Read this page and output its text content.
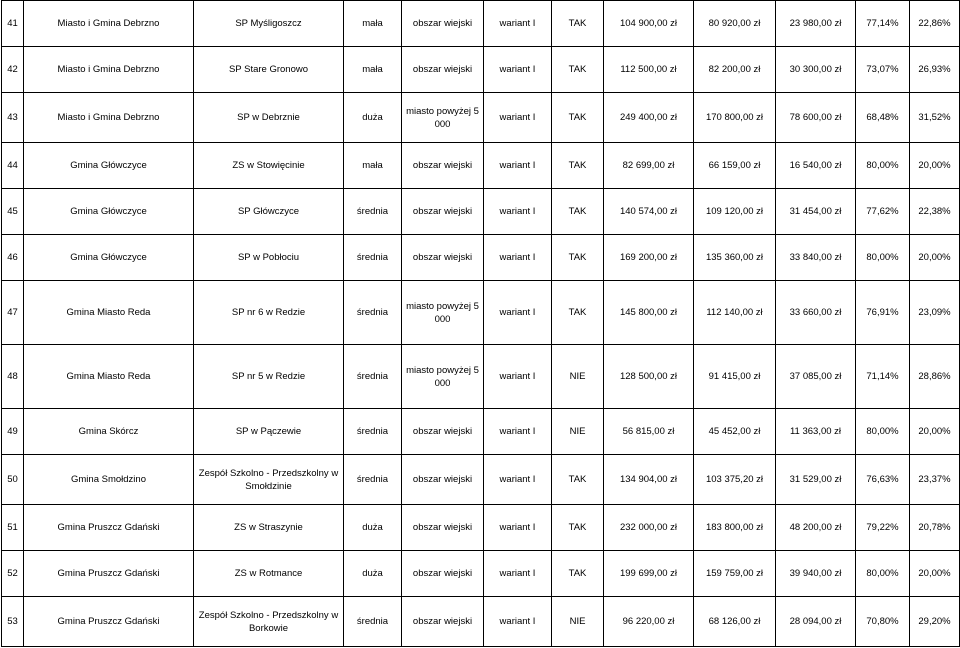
41	Miasto i Gmina Debrzno	SP Myśligoszcz	mała	obszar wiejski	wariant I	TAK	104 900,00 zł	80 920,00 zł	23 980,00 zł	77,14%	22,86%
42	Miasto i Gmina Debrzno	SP Stare Gronowo	mała	obszar wiejski	wariant I	TAK	112 500,00 zł	82 200,00 zł	30 300,00 zł	73,07%	26,93%
43	Miasto i Gmina Debrzno	SP w Debrznie	duża	miasto powyżej 5 000	wariant I	TAK	249 400,00 zł	170 800,00 zł	78 600,00 zł	68,48%	31,52%
44	Gmina Główczyce	ZS w Stowięcinie	mała	obszar wiejski	wariant I	TAK	82 699,00 zł	66 159,00 zł	16 540,00 zł	80,00%	20,00%
45	Gmina Główczyce	SP Główczyce	średnia	obszar wiejski	wariant I	TAK	140 574,00 zł	109 120,00 zł	31 454,00 zł	77,62%	22,38%
46	Gmina Główczyce	SP w Pobłociu	średnia	obszar wiejski	wariant I	TAK	169 200,00 zł	135 360,00 zł	33 840,00 zł	80,00%	20,00%
47	Gmina Miasto Reda	SP nr 6 w Redzie	średnia	miasto powyżej 5 000	wariant I	TAK	145 800,00 zł	112 140,00 zł	33 660,00 zł	76,91%	23,09%
48	Gmina Miasto Reda	SP nr 5 w Redzie	średnia	miasto powyżej 5 000	wariant I	NIE	128 500,00 zł	91 415,00 zł	37 085,00 zł	71,14%	28,86%
49	Gmina Skórcz	SP w Pączewie	średnia	obszar wiejski	wariant I	NIE	56 815,00 zł	45 452,00 zł	11 363,00 zł	80,00%	20,00%
50	Gmina Smołdzino	Zespół Szkolno - Przedszkolny w Smołdzinie	średnia	obszar wiejski	wariant I	TAK	134 904,00 zł	103 375,20 zł	31 529,00 zł	76,63%	23,37%
51	Gmina Pruszcz Gdański	ZS w Straszynie	duża	obszar wiejski	wariant I	TAK	232 000,00 zł	183 800,00 zł	48 200,00 zł	79,22%	20,78%
52	Gmina Pruszcz Gdański	ZS w Rotmance	duża	obszar wiejski	wariant I	TAK	199 699,00 zł	159 759,00 zł	39 940,00 zł	80,00%	20,00%
53	Gmina Pruszcz Gdański	Zespół Szkolno - Przedszkolny w Borkowie	średnia	obszar wiejski	wariant I	NIE	96 220,00 zł	68 126,00 zł	28 094,00 zł	70,80%	29,20%
